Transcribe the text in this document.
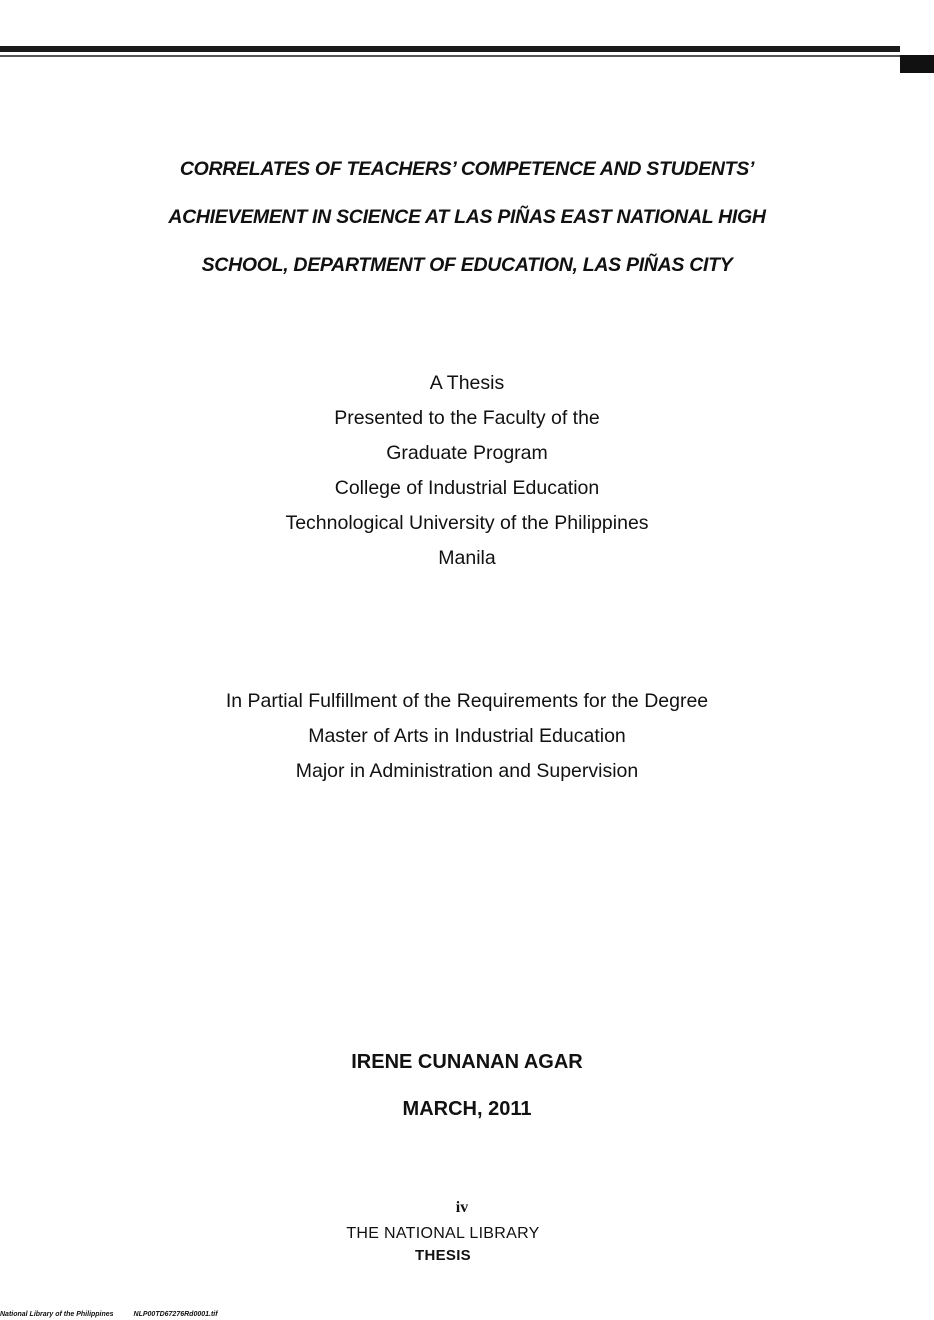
CORRELATES OF TEACHERS’ COMPETENCE AND STUDENTS’
ACHIEVEMENT IN SCIENCE AT LAS PIÑAS EAST NATIONAL HIGH
SCHOOL, DEPARTMENT OF EDUCATION, LAS PIÑAS CITY
A Thesis
Presented to the Faculty of the
Graduate Program
College of Industrial Education
Technological University of the Philippines
Manila
In Partial Fulfillment of the Requirements for the Degree
Master of Arts in Industrial Education
Major in Administration and Supervision
IRENE CUNANAN AGAR
MARCH, 2011
iv
THE NATIONAL LIBRARY
THESIS
National Library of the Philippines	NLP00TD67276Rd0001.tif
